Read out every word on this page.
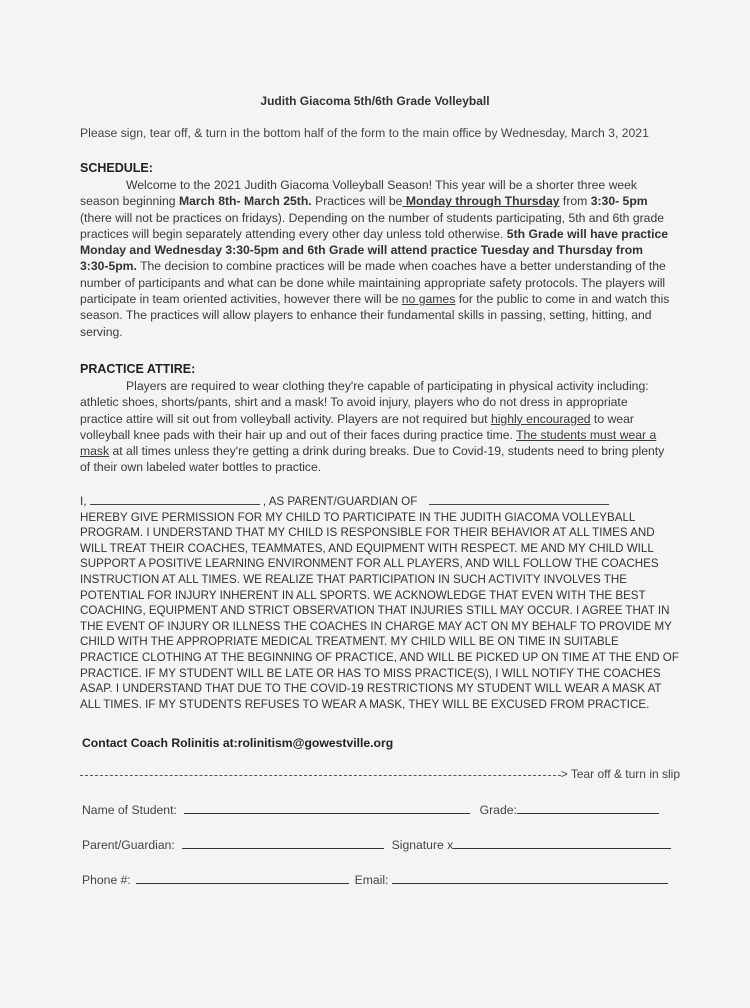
Judith Giacoma 5th/6th Grade Volleyball
Please sign, tear off, & turn in the bottom half of the form to the main office by Wednesday, March 3, 2021
SCHEDULE:

Welcome to the 2021 Judith Giacoma Volleyball Season! This year will be a shorter three week season beginning March 8th- March 25th. Practices will be Monday through Thursday from 3:30- 5pm (there will not be practices on fridays). Depending on the number of students participating, 5th and 6th grade practices will begin separately attending every other day unless told otherwise. 5th Grade will have practice Monday and Wednesday 3:30-5pm and 6th Grade will attend practice Tuesday and Thursday from 3:30-5pm. The decision to combine practices will be made when coaches have a better understanding of the number of participants and what can be done while maintaining appropriate safety protocols. The players will participate in team oriented activities, however there will be no games for the public to come in and watch this season. The practices will allow players to enhance their fundamental skills in passing, setting, hitting, and serving.

PRACTICE ATTIRE:

Players are required to wear clothing they're capable of participating in physical activity including: athletic shoes, shorts/pants, shirt and a mask! To avoid injury, players who do not dress in appropriate practice attire will sit out from volleyball activity. Players are not required but highly encouraged to wear volleyball knee pads with their hair up and out of their faces during practice time. The students must wear a mask at all times unless they're getting a drink during breaks. Due to Covid-19, students need to bring plenty of their own labeled water bottles to practice.

I,	, AS PARENT/GUARDIAN OF
HEREBY GIVE PERMISSION FOR MY CHILD TO PARTICIPATE IN THE JUDITH GIACOMA VOLLEYBALL PROGRAM. I UNDERSTAND THAT MY CHILD IS RESPONSIBLE FOR THEIR BEHAVIOR AT ALL TIMES AND WILL TREAT THEIR COACHES, TEAMMATES, AND EQUIPMENT WITH RESPECT. ME AND MY CHILD WILL SUPPORT A POSITIVE LEARNING ENVIRONMENT FOR ALL PLAYERS, AND WILL FOLLOW THE COACHES INSTRUCTION AT ALL TIMES. WE REALIZE THAT PARTICIPATION IN SUCH ACTIVITY INVOLVES THE POTENTIAL FOR INJURY INHERENT IN ALL SPORTS. WE ACKNOWLEDGE THAT EVEN WITH THE BEST COACHING, EQUIPMENT AND STRICT OBSERVATION THAT INJURIES STILL MAY OCCUR. I AGREE THAT IN THE EVENT OF INJURY OR ILLNESS THE COACHES IN CHARGE MAY ACT ON MY BEHALF TO PROVIDE MY CHILD WITH THE APPROPRIATE MEDICAL TREATMENT. MY CHILD WILL BE ON TIME IN SUITABLE PRACTICE CLOTHING AT THE BEGINNING OF PRACTICE, AND WILL BE PICKED UP ON TIME AT THE END OF PRACTICE. IF MY STUDENT WILL BE LATE OR HAS TO MISS PRACTICE(S), I WILL NOTIFY THE COACHES ASAP. I UNDERSTAND THAT DUE TO THE COVID-19 RESTRICTIONS MY STUDENT WILL WEAR A MASK AT ALL TIMES. IF MY STUDENTS REFUSES TO WEAR A MASK, THEY WILL BE EXCUSED FROM PRACTICE.

Contact Coach Rolinitis at:rolinitism@gowestville.org
> Tear off & turn in slip
Name of Student:	Grade:
Parent/Guardian:	Signature x
Phone #:	Email:
